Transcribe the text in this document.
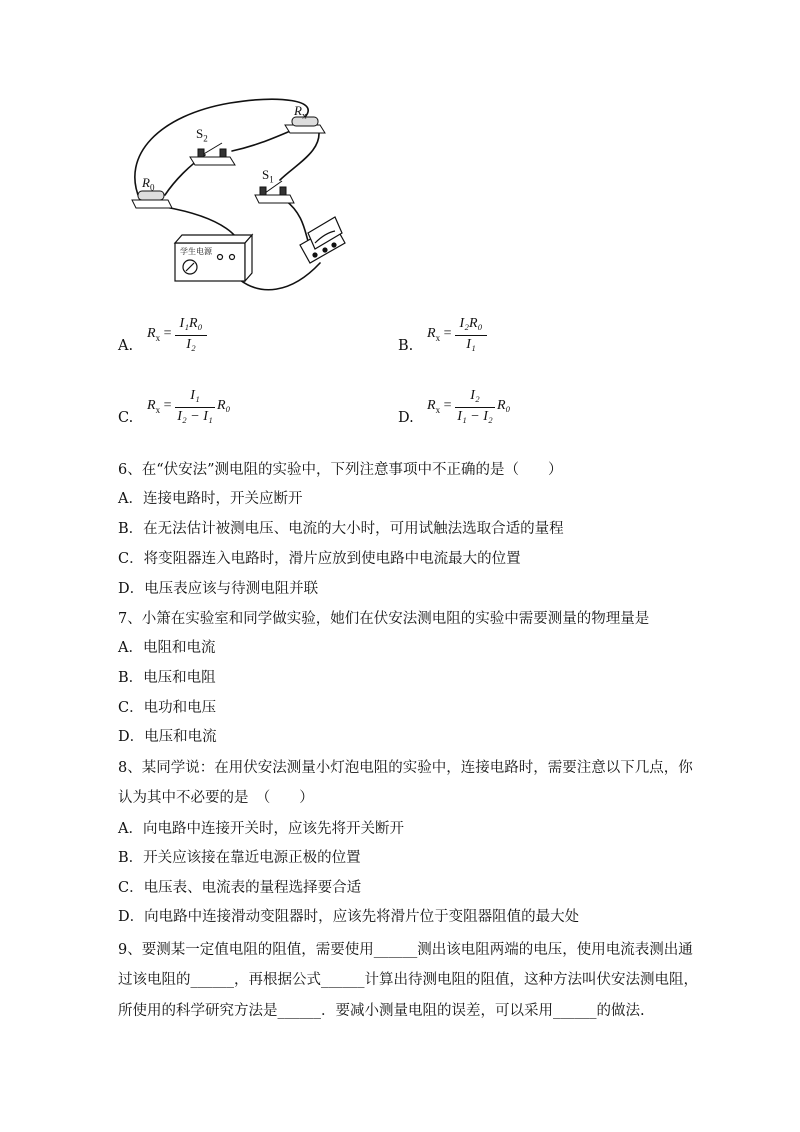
$R_x$
$S_2$
$R_0$
$S_1$
学生电源
A.
$R_x$ =
I₁R₀
I₂	B.
$R_x$ =
I₂R₀
I₁
C.
$R_x$ =
I₁
I₂ − I₁
R₀
D.
$R_x$ =
I₂
I₁ − I₂
R₀
6、在“伏安法”测电阻的实验中，下列注意事项中不正确的是（　　）
A．连接电路时，开关应断开
B．在无法估计被测电压、电流的大小时，可用试触法选取合适的量程
C．将变阻器连入电路时，滑片应放到使电路中电流最大的位置
D．电压表应该与待测电阻并联
7、小箫在实验室和同学做实验，她们在伏安法测电阻的实验中需要测量的物理量是
A．电阻和电流
B．电压和电阻
C．电功和电压
D．电压和电流
8、某同学说：在用伏安法测量小灯泡电阻的实验中，连接电路时，需要注意以下几点，你
认为其中不必要的是　（　　）
A．向电路中连接开关时，应该先将开关断开
B．开关应该接在靠近电源正极的位置
C．电压表、电流表的量程选择要合适
D．向电路中连接滑动变阻器时，应该先将滑片位于变阻器阻值的最大处
9、要测某一定值电阻的阻值，需要使用______测出该电阻两端的电压，使用电流表测出通
过该电阻的______，再根据公式______计算出待测电阻的阻值，这种方法叫伏安法测电阻，
所使用的科学研究方法是______．要减小测量电阻的误差，可以采用______的做法.
